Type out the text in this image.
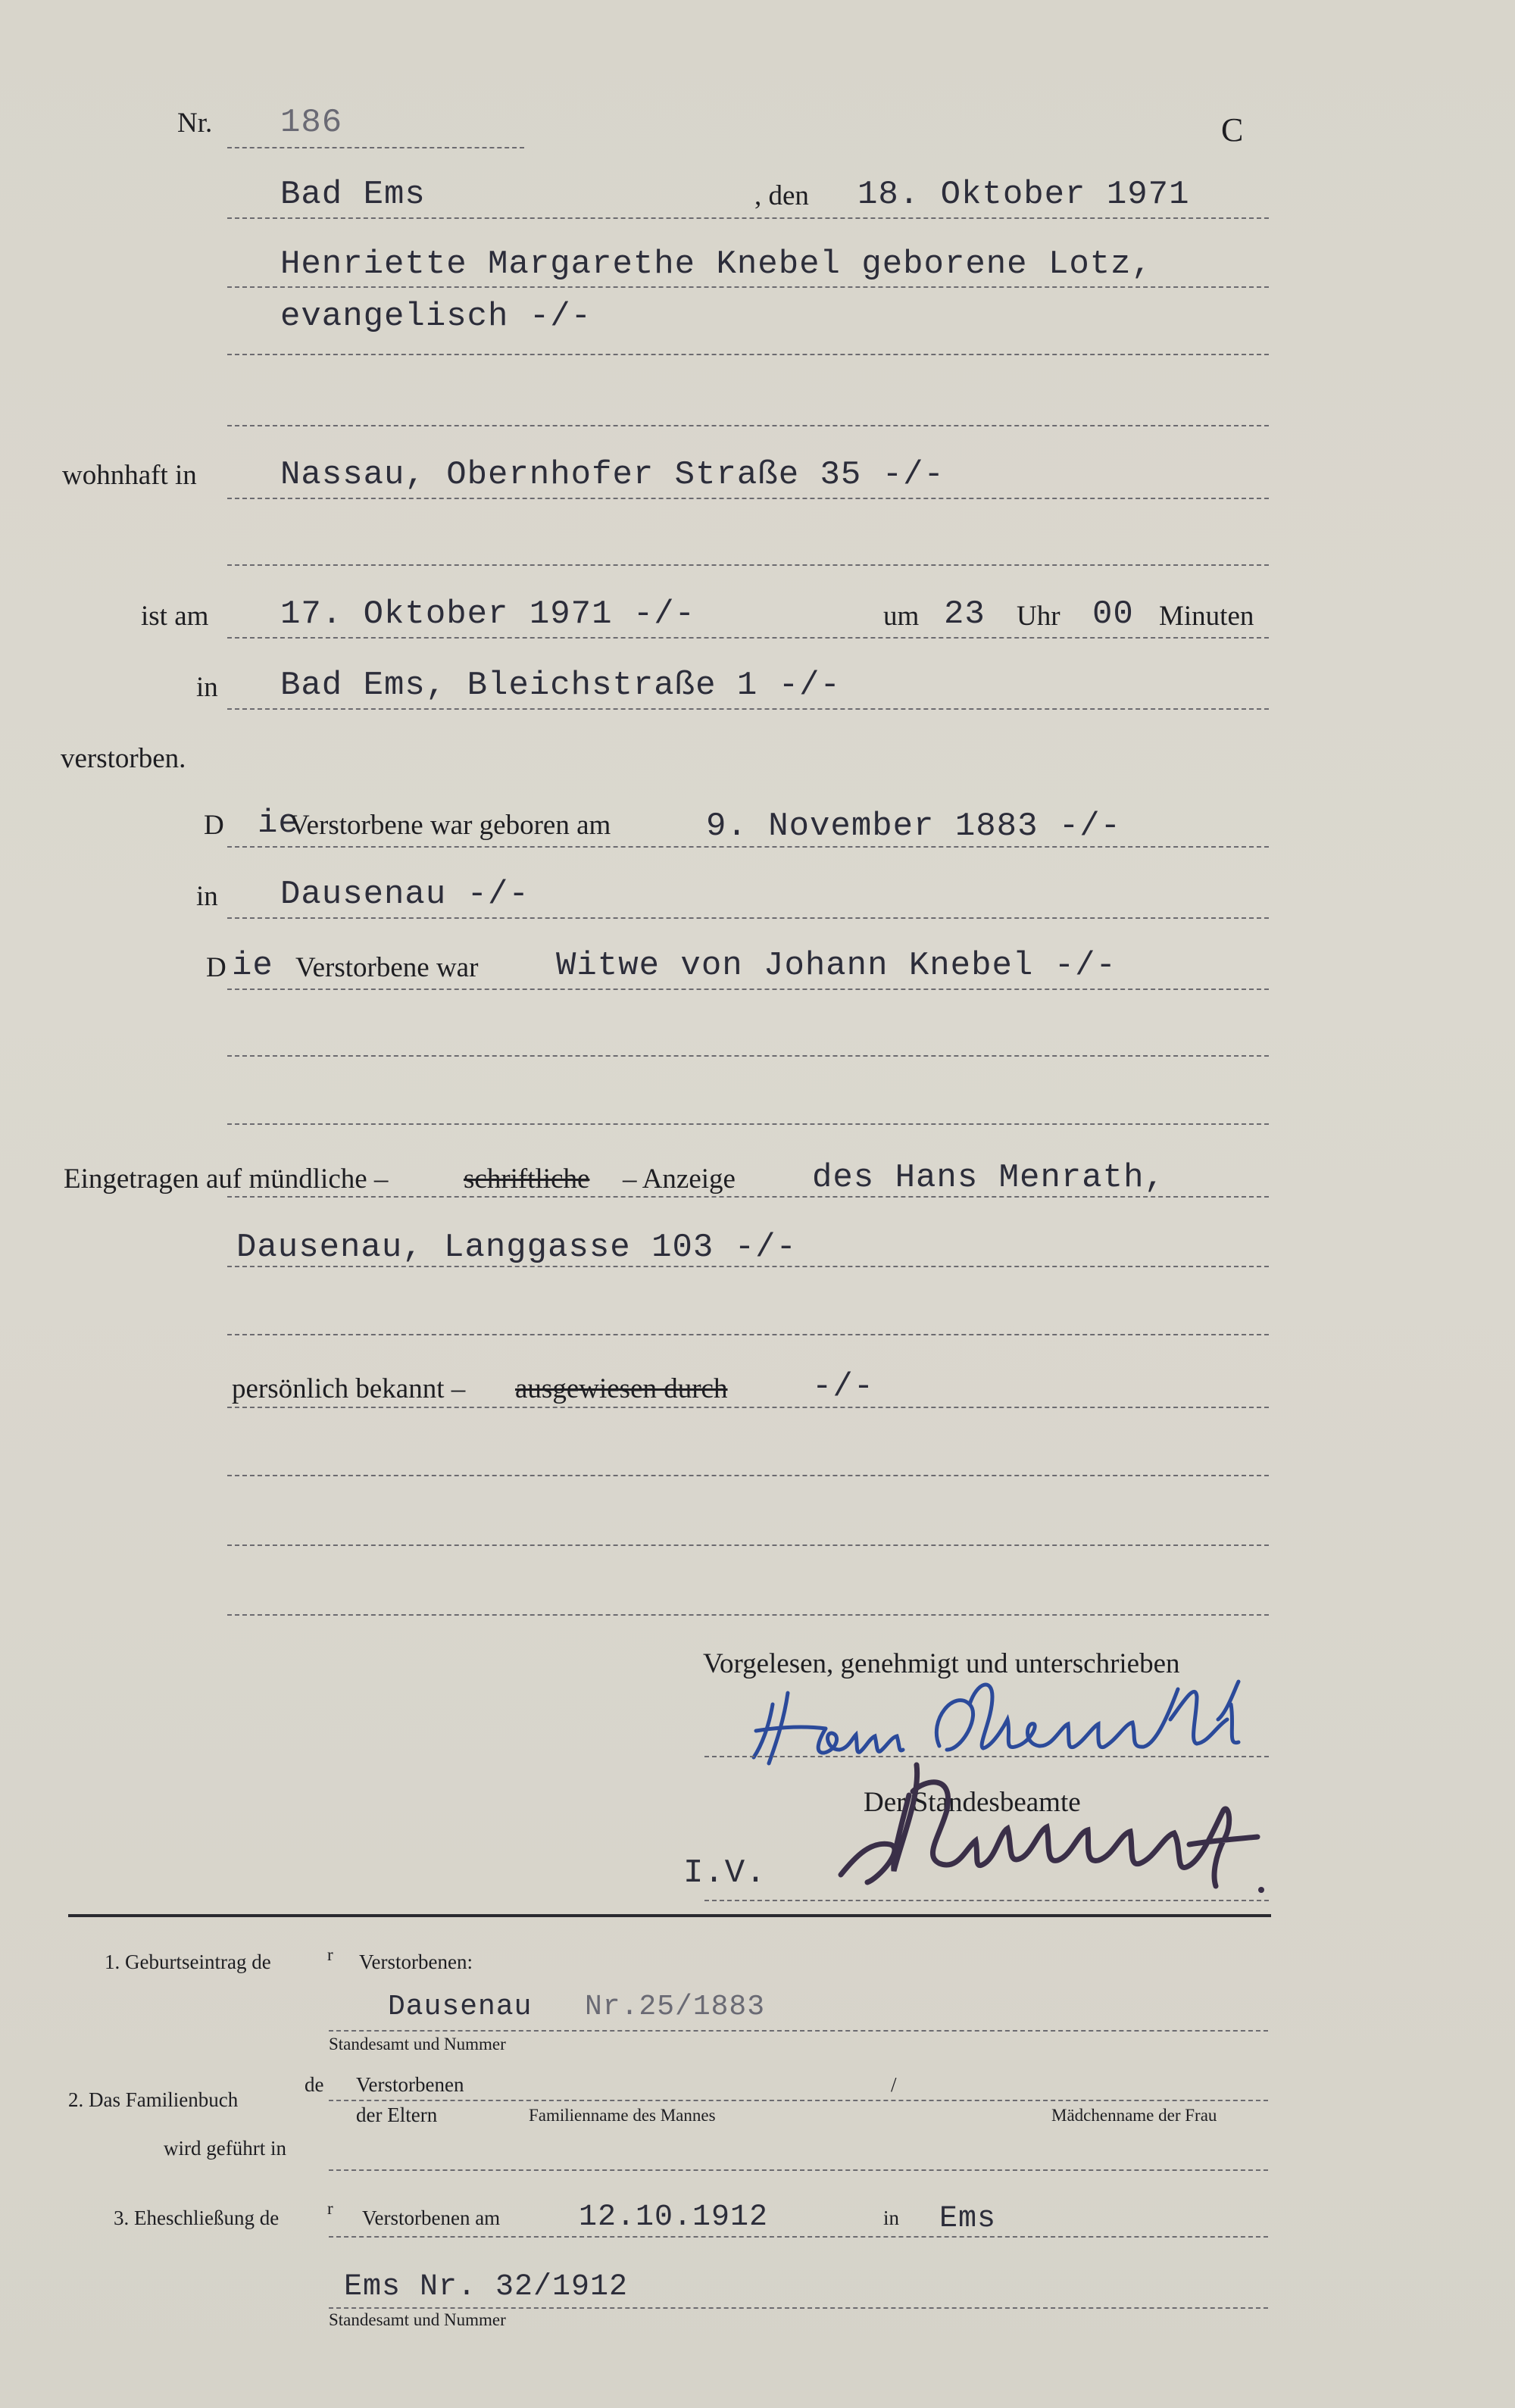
Nr. 186	C
Bad Ems	, den 18. Oktober 1971
Henriette Margarethe Knebel geborene Lotz,
evangelisch -/-
wohnhaft in	Nassau, Obernhofer Straße 35 -/-
ist am 17. Oktober 1971 -/-	um 23 Uhr 00 Minuten
in Bad Ems, Bleichstraße 1 -/-
verstorben.
D ie
Verstorbene war geboren am	9. November 1883 -/-
in Dausenau -/-
D ie Verstorbene war Witwe von Johann Knebel -/-
Eingetragen auf mündliche –	schriftliche – Anzeige des Hans Menrath,
Dausenau, Langgasse 103 -/-
persönlich bekannt – ausgewiesen durch	-/-
Vorgelesen, genehmigt und unterschrieben
Der Standesbeamte
I.V.
1. Geburtseintrag de	r Verstorbenen:
Dausenau Nr.25/1883
Standesamt und Nummer
2. Das Familienbuch
de Verstorbenen	/
der Eltern	Familienname des Mannes	Mädchenname der Frau
wird geführt in
3. Eheschließung de	r Verstorbenen am	12.10.1912	in Ems
Ems Nr. 32/1912
Standesamt und Nummer
